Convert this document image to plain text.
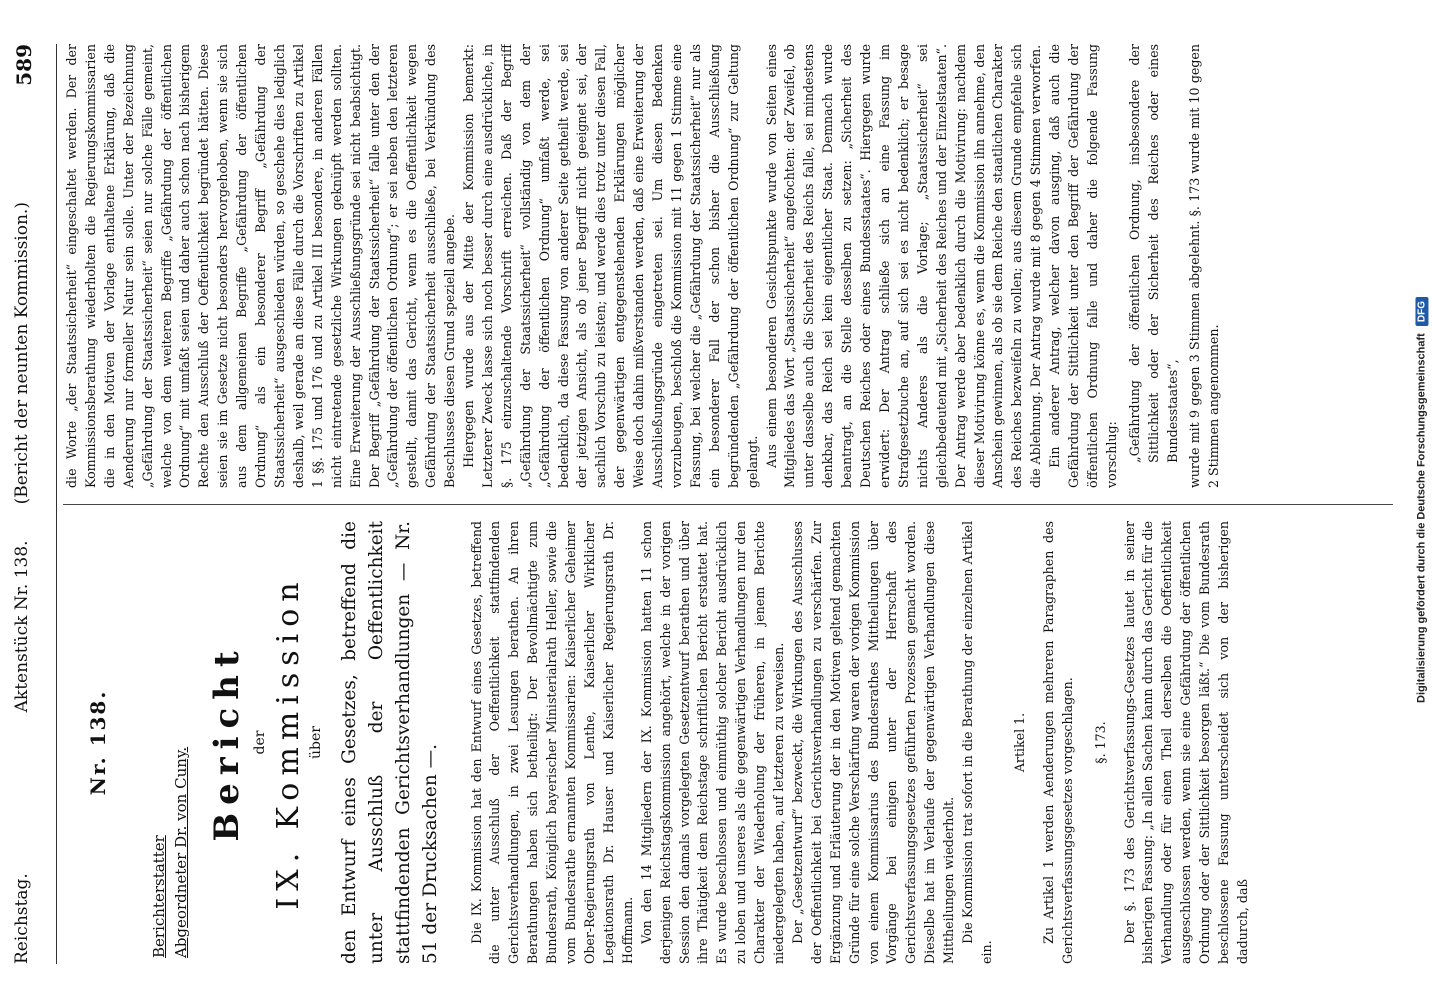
Reichstag.
Aktenstück Nr. 138.
(Bericht der neunten Kommission.)
589
Nr. 138.
Berichterstatter Abgeordneter Dr. von Cuny.
Bericht der IX. Kommission über den Entwurf eines Gesetzes, betreffend die unter Ausschluß der Oeffentlichkeit stattfindenden Gerichtsverhandlungen — Nr. 51 der Drucksachen —. Die IX. Kommission hat den Entwurf eines Gesetzes, betreffend die unter Ausschluß der Oeffentlichkeit stattfindenden Gerichtsverhandlungen, in zwei Lesungen berathen. An ihren Berathungen haben sich betheiligt: Der Bevollmächtigte zum Bundesrath, Königlich bayerischer Ministerialrath Heller, sowie die vom Bundesrathe ernannten Kommissarien: Kaiserlicher Geheimer Ober-Regierungsrath von Lenthe, Kaiserlicher Wirklicher Legationsrath Dr. Hauser und Kaiserlicher Regierungsrath Dr. Hoffmann. Von den 14 Mitgliedern der IX. Kommission hatten 11 schon derjenigen Reichstagskommission angehört, welche in der vorigen Session den damals vorgelegten Gesetzentwurf berathen und über ihre Thätigkeit dem Reichstage schriftlichen Bericht erstattet hat. Es wurde beschlossen und einmüthig solcher Bericht ausdrücklich zu loben und unseres als die gegenwärtigen Verhandlungen nur den Charakter der Wiederholung der früheren, in jenem Berichte niedergelegten haben, auf letzteren zu verweisen. Der „Gesetzentwurf“ bezweckt, die Wirkungen des Ausschlusses der Oeffentlichkeit bei Gerichtsverhandlungen zu verschärfen. Zur Ergänzung und Erläuterung der in den Motiven geltend gemachten Gründe für eine solche Verschärfung waren der vorigen Kommission von einem Kommissarius des Bundesrathes Mittheilungen über Vorgänge bei einigen unter der Herrschaft des Gerichtsverfassungsgesetzes geführten Prozessen gemacht worden. Dieselbe hat im Verlaufe der gegenwärtigen Verhandlungen diese Mittheilungen wiederholt. Die Kommission trat sofort in die Berathung der einzelnen Artikel ein.

Artikel 1. Zu Artikel 1 werden Aenderungen mehreren Paragraphen des Gerichtsverfassungsgesetzes vorgeschlagen. §. 173. Der §. 173 des Gerichtsverfassungs-Gesetzes lautet in seiner bisherigen Fassung: „In allen Sachen kann durch das Gericht für die Verhandlung oder für einen Theil derselben die Oeffentlichkeit ausgeschlossen werden, wenn sie eine Gefährdung der öffentlichen Ordnung oder der Sittlichkeit besorgen läßt.“ Die vom Bundesrath beschlossene Fassung unterscheidet sich von der bisherigen dadurch, daß

die Worte „der Staatssicherheit“ eingeschaltet werden. Der der Kommissionsberathung wiederholten die Regierungskommissarien die in den Motiven der Vorlage enthaltene Erklärung, daß die Aenderung nur formeller Natur sein solle. Unter der Bezeichnung „Gefährdung der Staatssicherheit“ seien nur solche Fälle gemeint, welche von dem weiteren Begriffe „Gefährdung der öffentlichen Ordnung“ mit umfaßt seien und daher auch schon nach bisherigem Rechte den Ausschluß der Oeffentlichkeit begründet hätten. Diese seien sie im Gesetze nicht besonders hervorgehoben, wenn sie sich aus dem allgemeinen Begriffe „Gefährdung der öffentlichen Ordnung“ als ein besonderer Begriff „Gefährdung der Staatssicherheit“ ausgeschieden würden, so geschehe dies lediglich deshalb, weil gerade an diese Fälle durch die Vorschriften zu Artikel 1 §§. 175 und 176 und zu Artikel III besondere, in anderen Fällen nicht eintretende gesetzliche Wirkungen geknüpft werden sollten. Eine Erweiterung der Ausschließungsgründe sei nicht beabsichtigt. Der Begriff „Gefährdung der Staatssicherheit“ falle unter den der „Gefährdung der öffentlichen Ordnung“; er sei neben den letzteren gestellt, damit das Gericht, wenn es die Oeffentlichkeit wegen Gefährdung der Staatssicherheit ausschließe, bei Verkündung des Beschlusses diesen Grund speziell angebe. Hiergegen wurde aus der Mitte der Kommission bemerkt: Letzterer Zweck lasse sich noch besser durch eine ausdrückliche, in §. 175 einzuschaltende Vorschrift erreichen. Daß der Begriff „Gefährdung der Staatssicherheit“ vollständig von dem der „Gefährdung der öffentlichen Ordnung“ umfaßt werde, sei bedenklich, da diese Fassung von anderer Seite getheilt werde, sei der jetzigen Ansicht, als ob jener Begriff nicht geeignet sei, der sachlich Vorschub zu leisten; und werde dies trotz unter diesen Fall, der gegenwärtigen entgegenstehenden Erklärungen möglicher Weise doch dahin mißverstanden werden, daß eine Erweiterung der Ausschließungsgründe eingetreten sei. Um diesen Bedenken vorzubeugen, beschloß die Kommission mit 11 gegen 1 Stimme eine Fassung, bei welcher die „Gefährdung der Staatssicherheit“ nur als ein besonderer Fall der schon bisher die Ausschließung begründenden „Gefährdung der öffentlichen Ordnung“ zur Geltung gelangt. Aus einem besonderen Gesichtspunkte wurde von Seiten eines Mitgliedes das Wort „Staatssicherheit“ angefochten: der Zweifel, ob unter dasselbe auch die Sicherheit des Reichs falle, sei mindestens denkbar, das Reich sei kein eigentlicher Staat. Demnach wurde beantragt, an die Stelle desselben zu setzen: „Sicherheit des Deutschen Reiches oder eines Bundesstaates“. Hiergegen wurde erwidert: Der Antrag schließe sich an eine Fassung im Strafgesetzbuche an, auf sich sei es nicht bedenklich; er besage nichts Anderes als die Vorlage; „Staatssicherheit“ sei gleichbedeutend mit „Sicherheit des Reiches und der Einzelstaaten“. Der Antrag werde aber bedenklich durch die Motivirung: nachdem dieser Motivirung könne es, wenn die Kommission ihn annehme, den Anschein gewinnen, als ob sie dem Reiche den staatlichen Charakter des Reiches bezweifeln zu wollen; aus diesem Grunde empfehle sich die Ablehnung. Der Antrag wurde mit 8 gegen 4 Stimmen verworfen. Ein anderer Antrag, welcher davon ausging, daß auch die Gefährdung der Sittlichkeit unter den Begriff der Gefährdung der öffentlichen Ordnung falle und daher die folgende Fassung vorschlug: „Gefährdung der öffentlichen Ordnung, insbesondere der Sittlichkeit oder der Sicherheit des Reiches oder eines Bundesstaates“, wurde mit 9 gegen 3 Stimmen abgelehnt. §. 173 wurde mit 10 gegen 2 Stimmen angenommen.	Digitalisierung gefördert durch die Deutsche Forschungsgemeinschaft DFG
